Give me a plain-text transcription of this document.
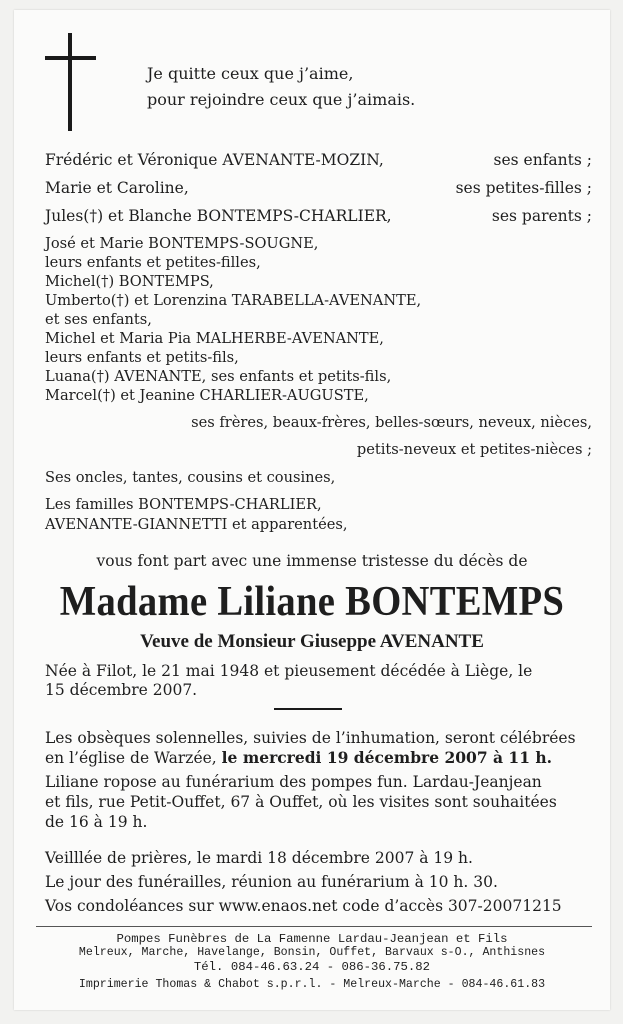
Je quitte ceux que j’aime,
pour rejoindre ceux que j’aimais.
Frédéric et Véronique AVENANTE-MOZIN,	ses enfants ;
Marie et Caroline,	ses petites-filles ;
Jules(†) et Blanche BONTEMPS-CHARLIER,	ses parents ;
José et Marie BONTEMPS-SOUGNE,
leurs enfants et petites-filles,
Michel(†) BONTEMPS,
Umberto(†) et Lorenzina TARABELLA-AVENANTE,
et ses enfants,
Michel et Maria Pia MALHERBE-AVENANTE,
leurs enfants et petits-fils,
Luana(†) AVENANTE, ses enfants et petits-fils,
Marcel(†) et Jeanine CHARLIER-AUGUSTE,
ses frères, beaux-frères, belles-sœurs, neveux, nièces,
petits-neveux et petites-nièces ;
Ses oncles, tantes, cousins et cousines,
Les familles BONTEMPS-CHARLIER,
AVENANTE-GIANNETTI et apparentées,
vous font part avec une immense tristesse du décès de
Madame Liliane BONTEMPS
Veuve de Monsieur Giuseppe AVENANTE
Née à Filot, le 21 mai 1948 et pieusement décédée à Liège, le
15 décembre 2007.
Les obsèques solennelles, suivies de l’inhumation, seront célébrées
en l’église de Warzée, le mercredi 19 décembre 2007 à 11 h.
Liliane ropose au funérarium des pompes fun. Lardau-Jeanjean
et fils, rue Petit-Ouffet, 67 à Ouffet, où les visites sont souhaitées
de 16 à 19 h.
Veilllée de prières, le mardi 18 décembre 2007 à 19 h.
Le jour des funérailles, réunion au funérarium à 10 h. 30.
Vos condoléances sur www.enaos.net code d’accès 307-20071215
Pompes Funèbres de La Famenne Lardau-Jeanjean et Fils
Melreux, Marche, Havelange, Bonsin, Ouffet, Barvaux s-O., Anthisnes
Tél. 084-46.63.24 - 086-36.75.82
Imprimerie Thomas & Chabot s.p.r.l. - Melreux-Marche - 084-46.61.83
